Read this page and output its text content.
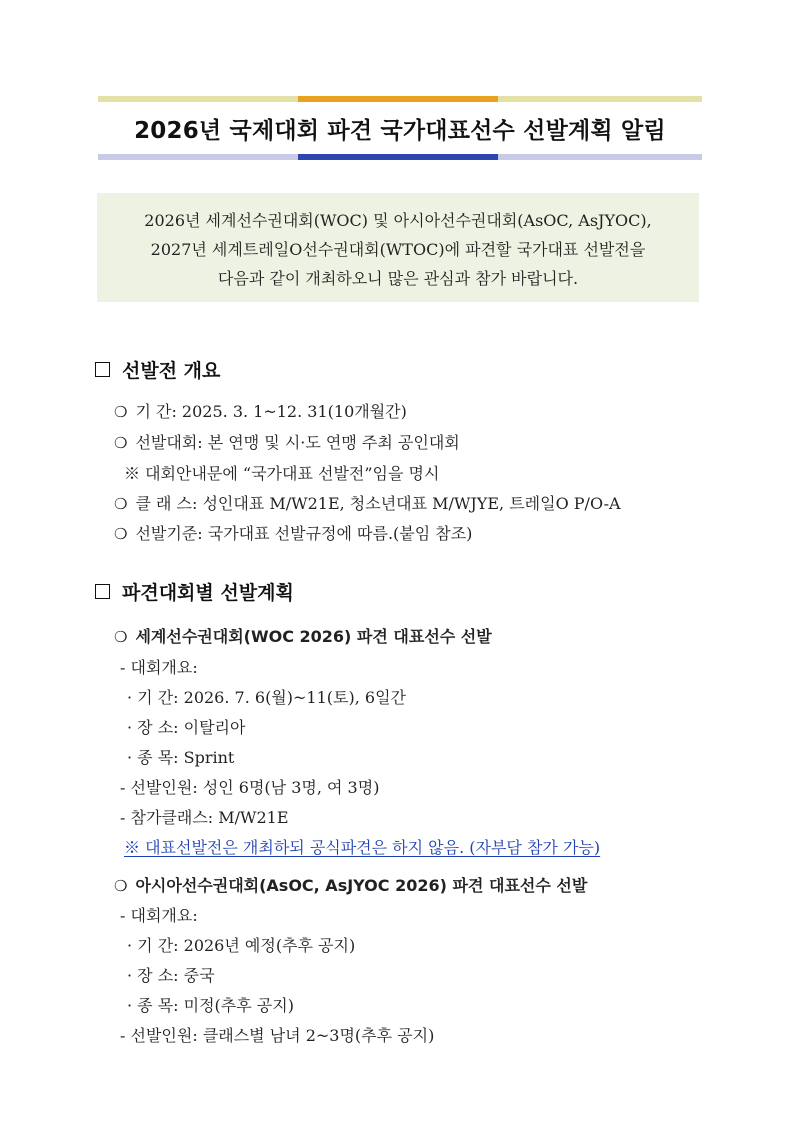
2026년 국제대회 파견 국가대표선수 선발계획 알림
2026년 세계선수권대회(WOC) 및 아시아선수권대회(AsOC, AsJYOC),
2027년 세계트레일O선수권대회(WTOC)에 파견할 국가대표 선발전을
다음과 같이 개최하오니 많은 관심과 참가 바랍니다.
선발전 개요
❍ 기 간: 2025. 3. 1~12. 31(10개월간)
❍ 선발대회: 본 연맹 및 시·도 연맹 주최 공인대회
※ 대회안내문에 “국가대표 선발전”임을 명시
❍ 클 래 스: 성인대표 M/W21E, 청소년대표 M/WJYE, 트레일O P/O-A
❍ 선발기준: 국가대표 선발규정에 따름.(붙임 참조)
파견대회별 선발계획
❍ 세계선수권대회(WOC 2026) 파견 대표선수 선발
- 대회개요:
· 기 간: 2026. 7. 6(월)~11(토), 6일간
· 장 소: 이탈리아
· 종 목: Sprint
- 선발인원: 성인 6명(남 3명, 여 3명)
- 참가클래스: M/W21E
※ 대표선발전은 개최하되 공식파견은 하지 않음. (자부담 참가 가능)
❍ 아시아선수권대회(AsOC, AsJYOC 2026) 파견 대표선수 선발
- 대회개요:
· 기 간: 2026년 예정(추후 공지)
· 장 소: 중국
· 종 목: 미정(추후 공지)
- 선발인원: 클래스별 남녀 2~3명(추후 공지)
